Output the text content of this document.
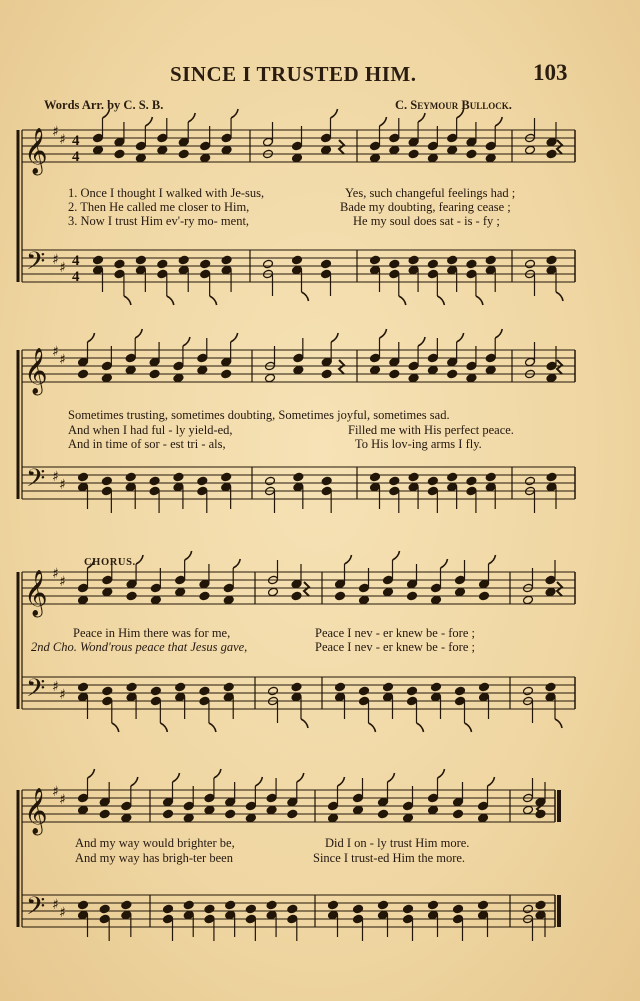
SINCE I TRUSTED HIM.	103
Words Arr. by C. S. B.	C. Seymour Bullock.
𝄞
𝄢
♯ ♯
♯ ♯
4
4
4
4
𝄞
𝄢
♯ ♯
♯ ♯
𝄞
𝄢
♯ ♯
♯ ♯
𝄞
𝄢
♯ ♯
♯ ♯
1. Once I thought I walked with Je-sus,	Yes, such changeful feelings had ;
2. Then He called me closer to Him,	Bade my doubting, fearing cease ;
3. Now I trust Him ev'-ry mo- ment,	He my soul does sat - is - fy ;
Sometimes trusting, sometimes doubting, Sometimes joyful, sometimes sad.
And when I had ful - ly yield-ed,	Filled me with His perfect peace.
And in time of sor - est tri - als,	To His lov-ing arms I fly.
CHORUS.
Peace in Him there was for me,	Peace I nev - er knew be - fore ;
2nd Cho. Wond'rous peace that Jesus gave,	Peace I nev - er knew be - fore ;
And my way would brighter be,	Did I on - ly trust Him more.
And my way has brigh-ter been	Since I trust-ed Him the more.
